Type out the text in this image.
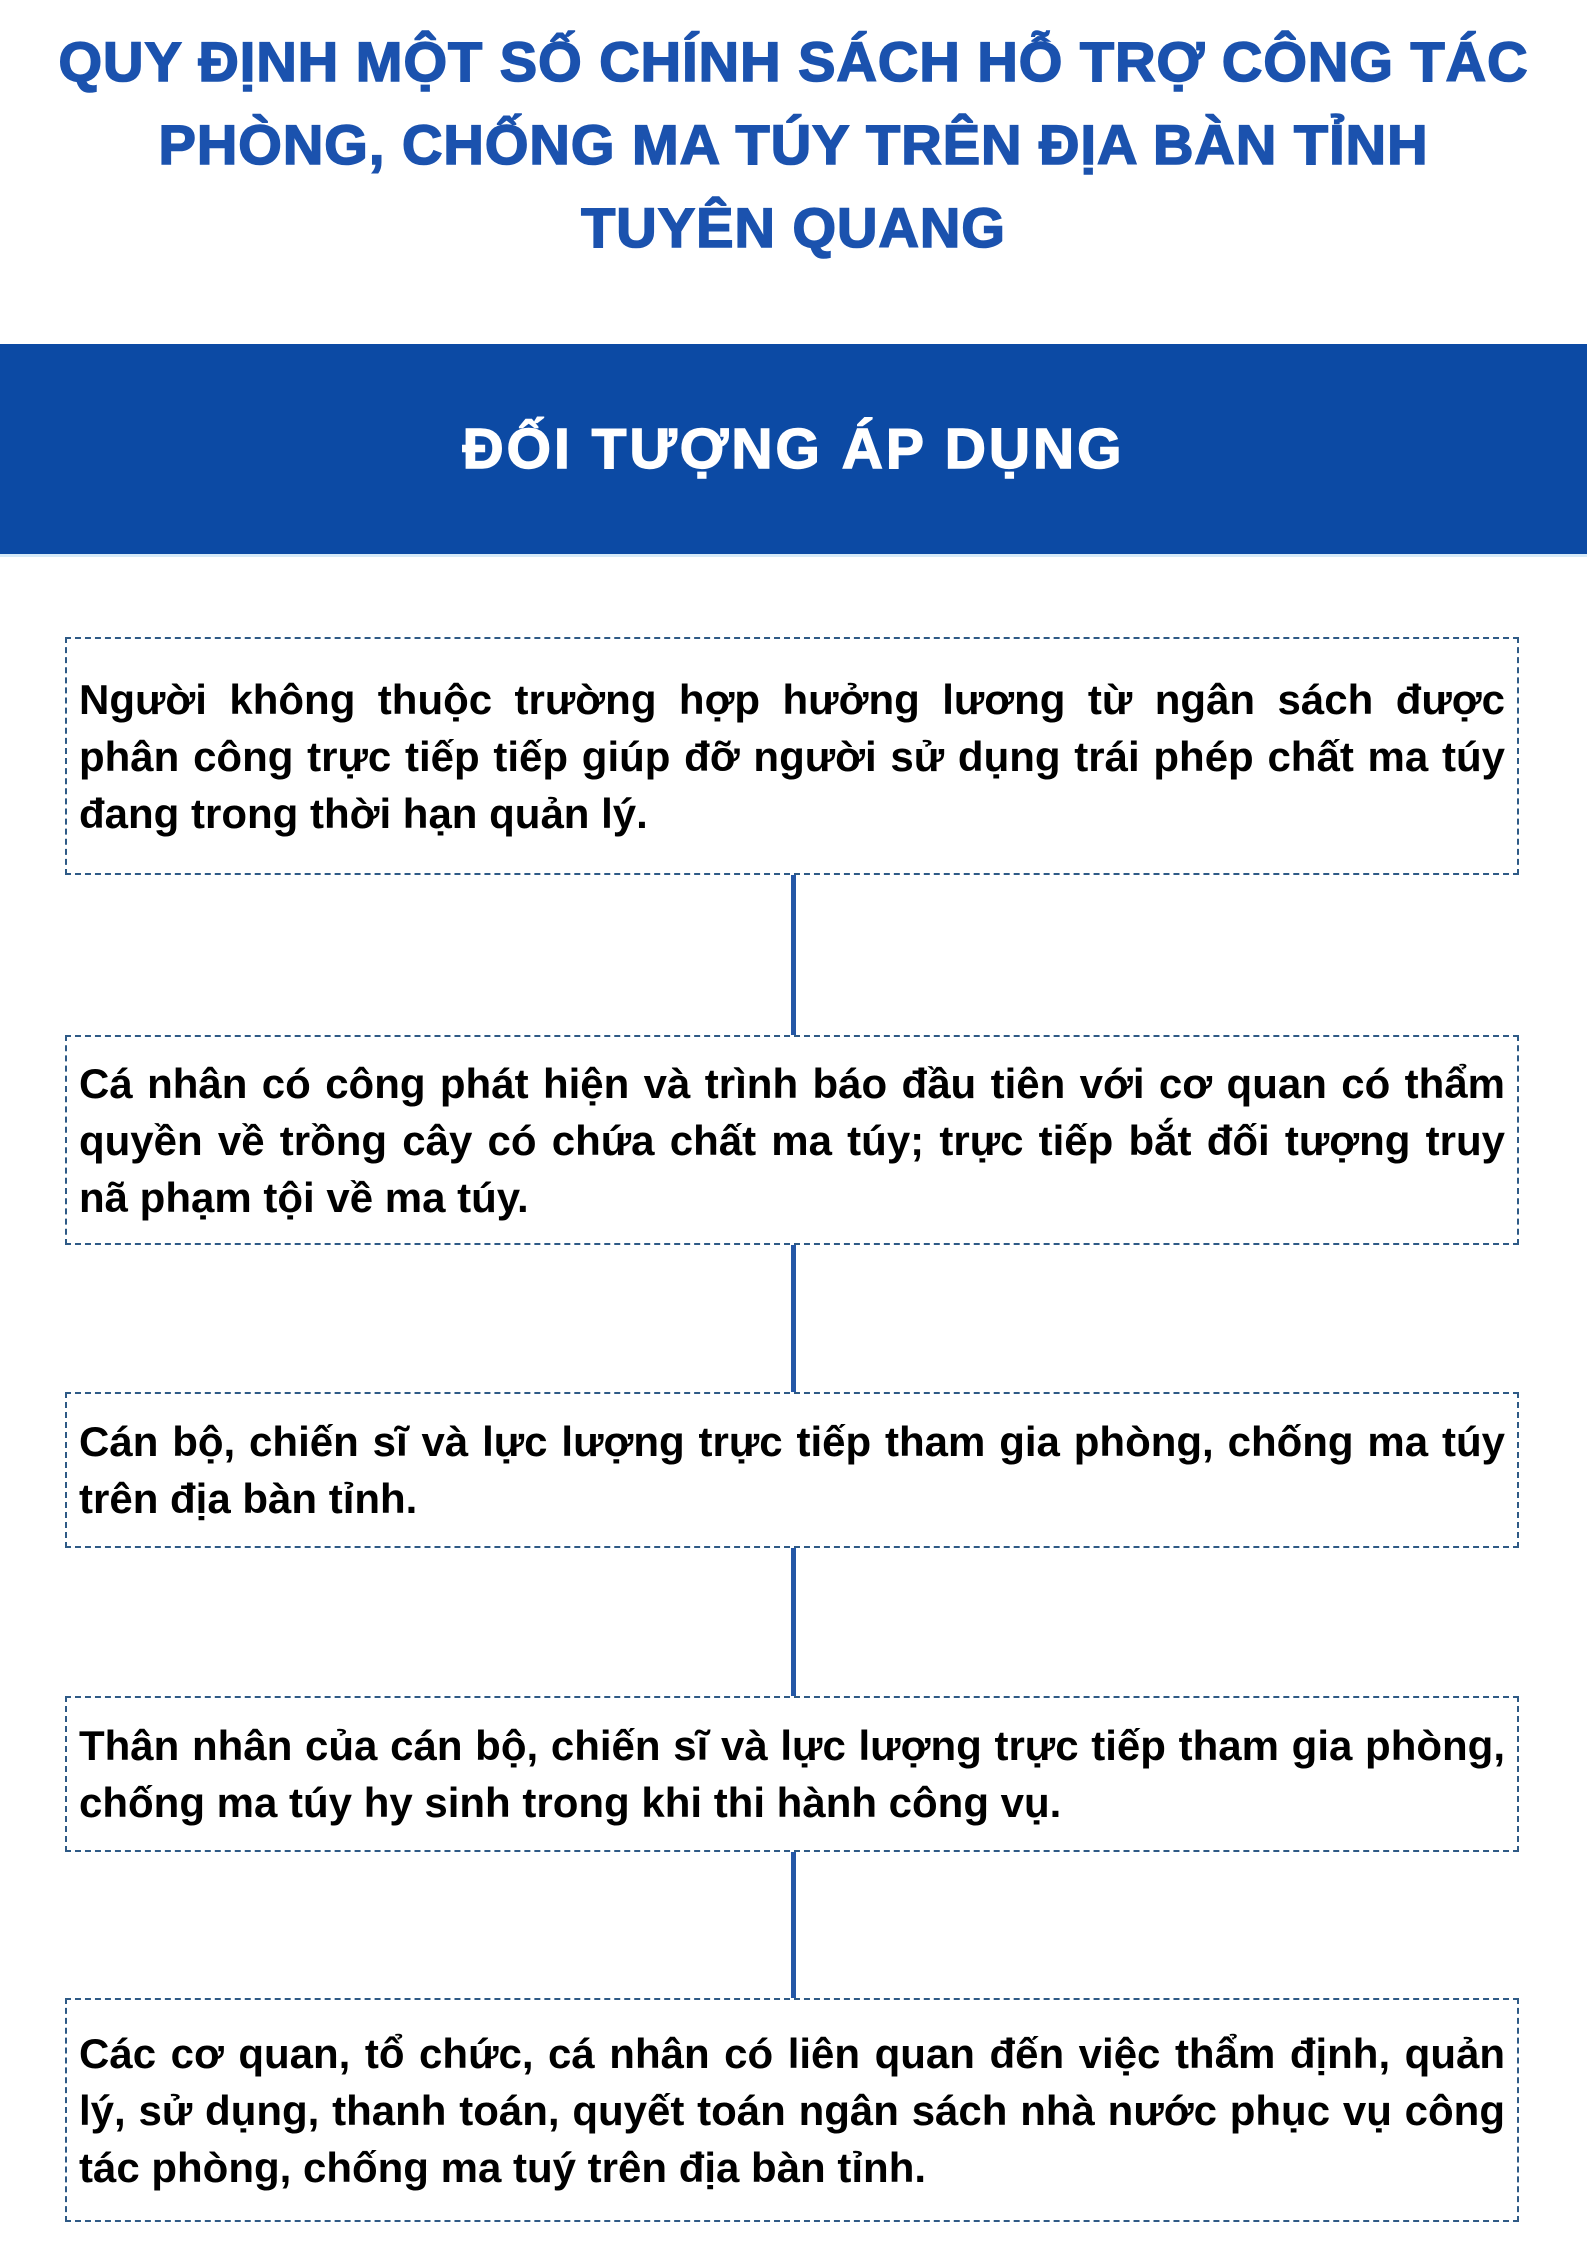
QUY ĐỊNH MỘT SỐ CHÍNH SÁCH HỖ TRỢ CÔNG TÁC
PHÒNG, CHỐNG MA TÚY TRÊN ĐỊA BÀN TỈNH
TUYÊN QUANG
ĐỐI TƯỢNG ÁP DỤNG

Người không thuộc trường hợp hưởng lương từ ngân sách được phân công trực tiếp tiếp giúp đỡ người sử dụng trái phép chất ma túy đang trong thời hạn quản lý.

Cá nhân có công phát hiện và trình báo đầu tiên với cơ quan có thẩm quyền về trồng cây có chứa chất ma túy; trực tiếp bắt đối tượng truy nã phạm tội về ma túy.

Cán bộ, chiến sĩ và lực lượng trực tiếp tham gia phòng, chống ma túy trên địa bàn tỉnh.

Thân nhân của cán bộ, chiến sĩ và lực lượng trực tiếp tham gia phòng, chống ma túy hy sinh trong khi thi hành công vụ.

Các cơ quan, tổ chức, cá nhân có liên quan đến việc thẩm định, quản lý, sử dụng, thanh toán, quyết toán ngân sách nhà nước phục vụ công tác phòng, chống ma tuý trên địa bàn tỉnh.
